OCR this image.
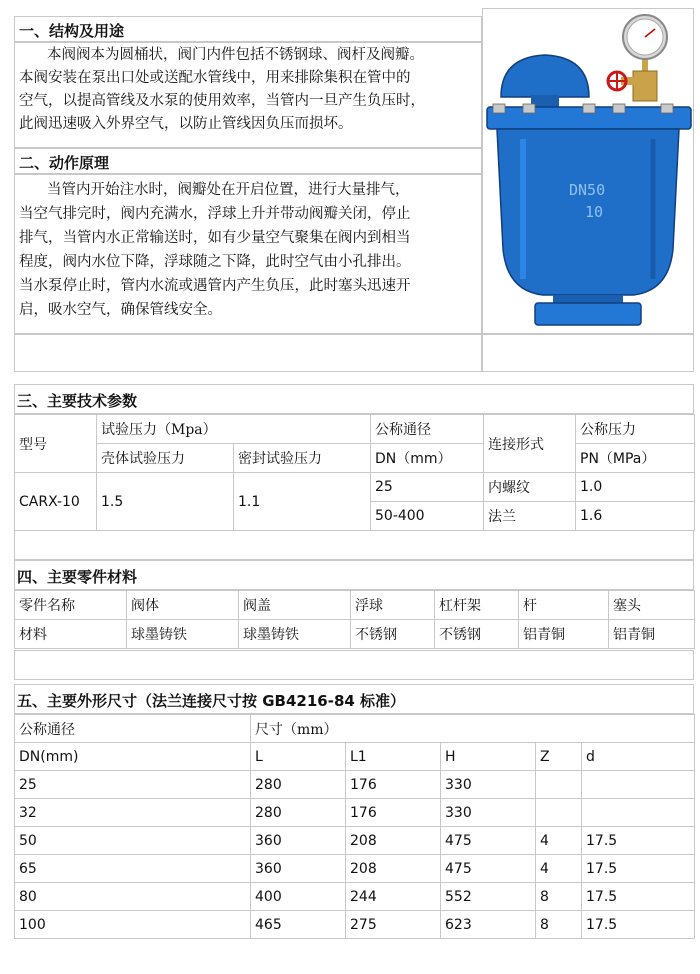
一、结构及用途
本阀阀本为圆桶状，阀门内件包括不锈钢球、阀杆及阀瓣。
本阀安装在泵出口处或送配水管线中，用来排除集积在管中的
空气，以提高管线及水泵的使用效率，当管内一旦产生负压时，
此阀迅速吸入外界空气，以防止管线因负压而损坏。
二、动作原理
当管内开始注水时，阀瓣处在开启位置，进行大量排气，
当空气排完时，阀内充满水，浮球上升并带动阀瓣关闭，停止
排气，当管内水正常输送时，如有少量空气聚集在阀内到相当
程度，阀内水位下降，浮球随之下降，此时空气由小孔排出。
当水泵停止时，管内水流或遇管内产生负压，此时塞头迅速开
启，吸水空气，确保管线安全。
DN50
10
三、主要技术参数
型号	试验压力（Mpa）		公称通径	连接形式	公称压力
	壳体试验压力	密封试验压力	DN（mm）		PN（MPa）
CARX-10	1.5	1.1	25	内螺纹	1.0
			50-400	法兰	1.6
四、主要零件材料
零件名称	阀体	阀盖	浮球	杠杆架	杆	塞头
材料	球墨铸铁	球墨铸铁	不锈钢	不锈钢	铝青铜	铝青铜
五、主要外形尺寸（法兰连接尺寸按 GB4216-84 标准）
公称通径	尺寸（mm）				
DN(mm)	L	L1	H	Z	d
25	280	176	330		
32	280	176	330		
50	360	208	475	4	17.5
65	360	208	475	4	17.5
80	400	244	552	8	17.5
100	465	275	623	8	17.5
